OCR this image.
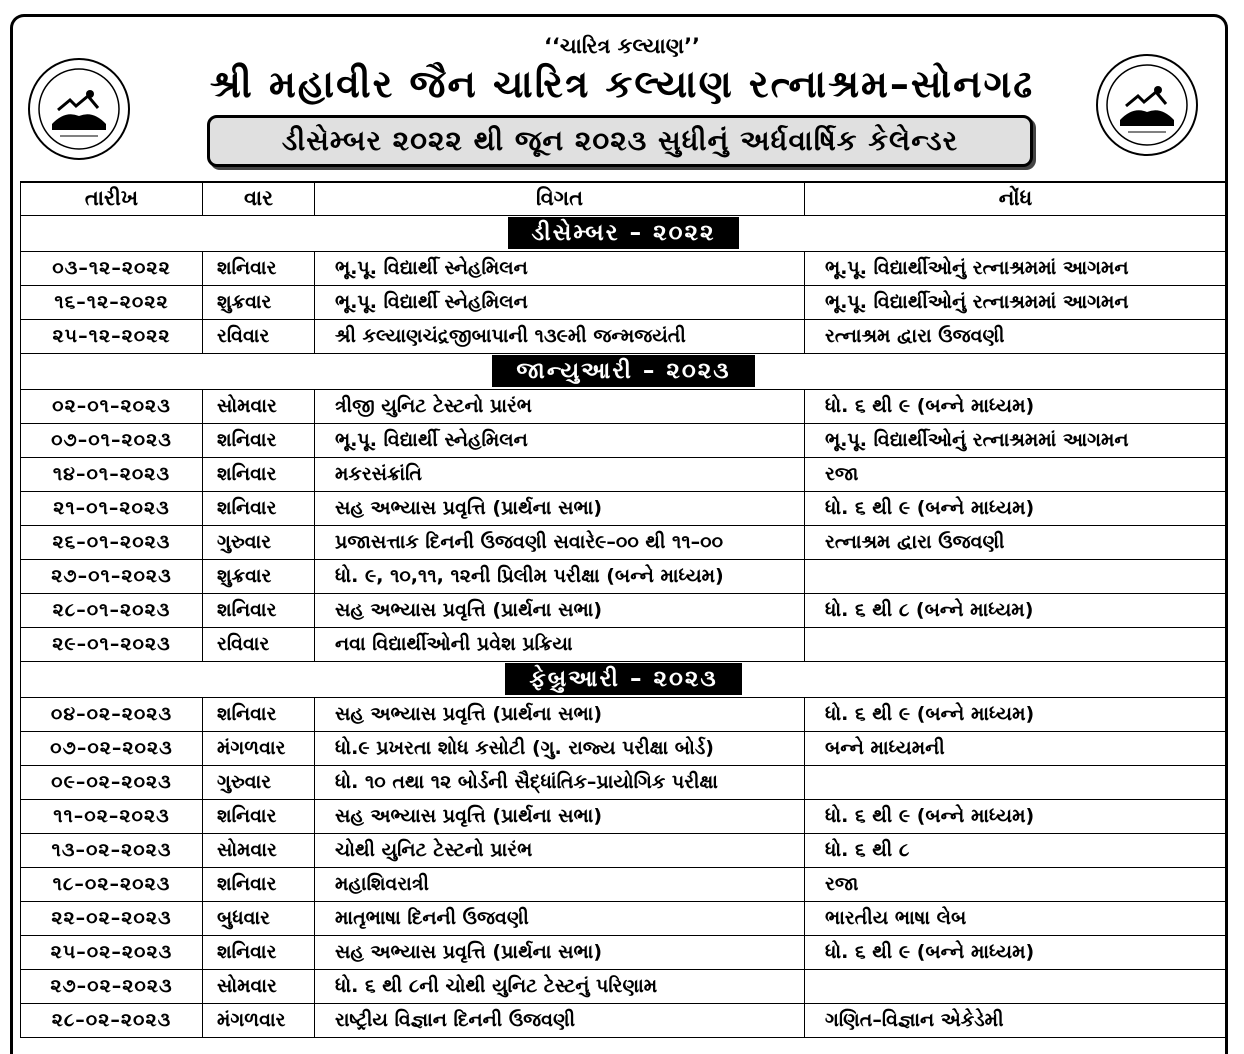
‘‘ચારિત્ર કલ્યાણ’’
શ્રી મહાવીર જૈન ચારિત્ર કલ્યાણ રત્નાશ્રમ–સોનગઢ
ડીસેમ્બર ૨૦૨૨ થી જૂન ૨૦૨૩ સુધીનું અર્ધવાર્ષિક કેલેન્ડર
તારીખ	વાર	વિગત	નોંધ
ડીસેમ્બર – ૨૦૨૨			
૦૩–૧૨–૨૦૨૨	શનિવાર	ભૂ.પૂ. વિદ્યાર્થી સ્નેહમિલન	ભૂ.પૂ. વિદ્યાર્થીઓનું રત્નાશ્રમમાં આગમન
૧૬–૧૨–૨૦૨૨	શુક્રવાર	ભૂ.પૂ. વિદ્યાર્થી સ્નેહમિલન	ભૂ.પૂ. વિદ્યાર્થીઓનું રત્નાશ્રમમાં આગમન
૨૫–૧૨–૨૦૨૨	રવિવાર	શ્રી કલ્યાણચંદ્રજીબાપાની ૧૩૯મી જન્મજયંતી	રત્નાશ્રમ દ્વારા ઉજવણી
જાન્યુઆરી – ૨૦૨૩			
૦૨–૦૧–૨૦૨૩	સોમવાર	ત્રીજી યુનિટ ટેસ્ટનો પ્રારંભ	ધો. ૬ થી ૯ (બન્ને માધ્યમ)
૦૭–૦૧–૨૦૨૩	શનિવાર	ભૂ.પૂ. વિદ્યાર્થી સ્નેહમિલન	ભૂ.પૂ. વિદ્યાર્થીઓનું રત્નાશ્રમમાં આગમન
૧૪–૦૧–૨૦૨૩	શનિવાર	મકરસંક્રાંતિ	રજા
૨૧–૦૧–૨૦૨૩	શનિવાર	સહ અભ્યાસ પ્રવૃત્તિ (પ્રાર્થના સભા)	ધો. ૬ થી ૯ (બન્ને માધ્યમ)
૨૬–૦૧–૨૦૨૩	ગુરુવાર	પ્રજાસત્તાક દિનની ઉજવણી સવારે૯–૦૦ થી ૧૧–૦૦	રત્નાશ્રમ દ્વારા ઉજવણી
૨૭–૦૧–૨૦૨૩	શુક્રવાર	ધો. ૯, ૧૦,૧૧, ૧૨ની પ્રિલીમ પરીક્ષા (બન્ને માધ્યમ)	
૨૮–૦૧–૨૦૨૩	શનિવાર	સહ અભ્યાસ પ્રવૃત્તિ (પ્રાર્થના સભા)	ધો. ૬ થી ૮ (બન્ને માધ્યમ)
૨૯–૦૧–૨૦૨૩	રવિવાર	નવા વિદ્યાર્થીઓની પ્રવેશ પ્રક્રિયા	
ફેબ્રુઆરી – ૨૦૨૩			
૦૪–૦૨–૨૦૨૩	શનિવાર	સહ અભ્યાસ પ્રવૃત્તિ (પ્રાર્થના સભા)	ધો. ૬ થી ૯ (બન્ને માધ્યમ)
૦૭–૦૨–૨૦૨૩	મંગળવાર	ધો.૯ પ્રખરતા શોધ કસોટી (ગુ. રાજ્ય પરીક્ષા બોર્ડ)	બન્ને માધ્યમની
૦૯–૦૨–૨૦૨૩	ગુરુવાર	ધો. ૧૦ તથા ૧૨ બોર્ડની સૈદ્ધાંતિક–પ્રાયોગિક પરીક્ષા	
૧૧–૦૨–૨૦૨૩	શનિવાર	સહ અભ્યાસ પ્રવૃત્તિ (પ્રાર્થના સભા)	ધો. ૬ થી ૯ (બન્ને માધ્યમ)
૧૩–૦૨–૨૦૨૩	સોમવાર	ચોથી યુનિટ ટેસ્ટનો પ્રારંભ	ધો. ૬ થી ૮
૧૮–૦૨–૨૦૨૩	શનિવાર	મહાશિવરાત્રી	રજા
૨૨–૦૨–૨૦૨૩	બુધવાર	માતૃભાષા દિનની ઉજવણી	ભારતીય ભાષા લેબ
૨૫–૦૨–૨૦૨૩	શનિવાર	સહ અભ્યાસ પ્રવૃત્તિ (પ્રાર્થના સભા)	ધો. ૬ થી ૯ (બન્ને માધ્યમ)
૨૭–૦૨–૨૦૨૩	સોમવાર	ધો. ૬ થી ૮ની ચોથી યુનિટ ટેસ્ટનું પરિણામ	
૨૮–૦૨–૨૦૨૩	મંગળવાર	રાષ્ટ્રીય વિજ્ઞાન દિનની ઉજવણી	ગણિત–વિજ્ઞાન એકેડેમી
